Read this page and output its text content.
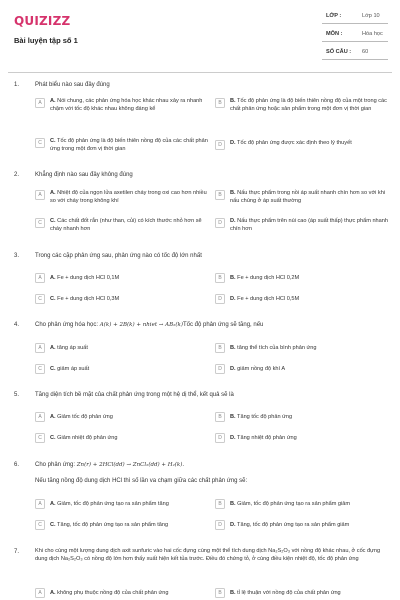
QUIZIZZ
Bài luyện tập số 1
LỚP :	Lớp 10
MÔN :	Hóa học
SỐ CÂU : 60
1.	Phát biểu nào sau đây đúng
A	A. Nói chung, các phản ứng hóa học khác nhau xảy ra nhanh chậm với tốc độ khác nhau không đáng kể
B	B. Tốc độ phản ứng là độ biến thiên nồng độ của một trong các chất phản ứng hoặc sản phẩm trong một đơn vị thời gian
C	C. Tốc độ phản ứng là độ biến thiên nồng độ của các chất phản ứng trong một đơn vị thời gian
D	D. Tốc độ phản ứng được xác định theo lý thuyết
2.	Khẳng định nào sau đây không đúng
A	A. Nhiệt độ của ngọn lửa axetilen cháy trong oxi cao hơn nhiều so với cháy trong không khí
B. Nấu thực phẩm trong nồi áp suất nhanh chín hơn so với khi nấu chúng ở áp suất thường
B
C	C. Các chất đốt rắn (như than, củi) có kích thước nhỏ hơn sẽ cháy nhanh hơn
D	D. Nấu thực phẩm trên núi cao (áp suất thấp) thực phẩm nhanh chín hơn
3.	Trong các cặp phản ứng sau, phản ứng nào có tốc độ lớn nhất
A	A. Fe + dung dịch HCl 0,1M	B	B. Fe + dung dịch HCl 0,2M
C	C. Fe + dung dịch HCl 0,3M	D	D. Fe + dung dịch HCl 0,5M
4.	Cho phản ứng hóa học: A(k) + 2B(k) + nhiet → AB₂(k)Tốc độ phản ứng sẽ tăng, nếu
A	A. tăng áp suất	B	B. tăng thể tích của bình phản ứng
C	C. giảm áp suất	D	D. giảm nồng độ khí A
5.	Tăng diện tích bề mặt của chất phản ứng trong một hệ dị thể, kết quả sẽ là
A	A. Giảm tốc độ phản ứng	B	B. Tăng tốc độ phản ứng
C	C. Giảm nhiệt độ phản ứng	D	D. Tăng nhiệt độ phản ứng
6.	Cho phản ứng: Zn(r) + 2HCl(dd) → ZnCl₂(dd) + H₂(k).
Nếu tăng nồng độ dung dịch HCl thì số lần va chạm giữa các chất phản ứng sẽ:
A	A. Giảm, tốc độ phản ứng tạo ra sản phẩm tăng	B	B. Giảm, tốc độ phản ứng tạo ra sản phẩm giảm
C	C. Tăng, tốc độ phản ứng tạo ra sản phẩm tăng	D	D. Tăng, tốc độ phản ứng tạo ra sản phẩm giảm
7.	Khi cho cùng một lượng dung dịch axit sunfuric vào hai cốc đựng cùng một thể tích dung dịch Na₂S₂O₃ với nồng độ khác nhau, ở cốc đựng dung dịch Na₂S₂O₃ có nồng độ lớn hơn thấy xuất hiện kết tủa trước. Điều đó chứng tỏ, ở cùng điều kiện nhiệt độ, tốc độ phản ứng
A	A. không phụ thuộc nồng độ của chất phản ứng	B	B. tỉ lệ thuận với nồng độ của chất phản ứng
